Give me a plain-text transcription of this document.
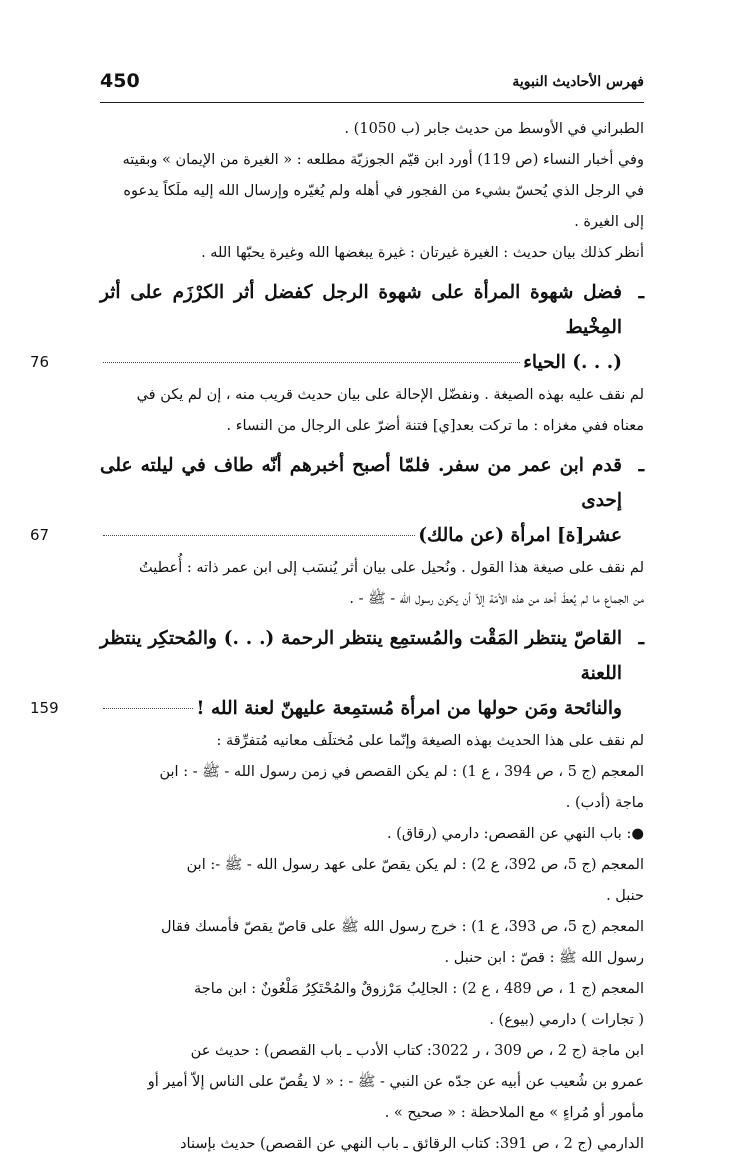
450	فهرس الأحاديث النبوية

الطبراني في الأوسط من حديث جابر (ب 1050) .

وفي أخبار النساء (ص 119) أورد ابن قيّم الجوزيّة مطلعه : « الغيرة من الإيمان » وبقيته

في الرجل الذي يُحسّ بشيء من الفجور في أهله ولم يُغيّره وإرسال الله إليه ملَكاً يدعوه

إلى الغيرة .

أنظر كذلك بيان حديث : الغيرة غيرتان : غيرة يبغضها الله وغيرة يحبّها الله .

ـ
فضل شهوة المرأة على شهوة الرجل كفضل أثر الكرْزَم على أثر المِخْيط
(. . .) الحياء
76

لم نقف عليه بهذه الصيغة . ونفضّل الإحالة على بيان حديث قريب منه ، إن لم يكن في

معناه ففي مغزاه : ما تركت بعد[ي] فتنة أضرّ على الرجال من النساء .

ـ
قدم ابن عمر من سفر. فلمّا أصبح أخبرهم أنّه طاف في ليلته على إحدى
عشر[ة] امرأة (عن مالك)
67

لم نقف على صيغة هذا القول . ونُحيل على بيان أثر يُنسَب إلى ابن عمر ذاته : أُعطيتُ

من الجماع ما لم يُعطَ أحد من هذه الأمّة إلاّ أن يكون رسول الله - ﷺ - .

ـ
القاصّ ينتظر المَقْت والمُستمِع ينتظر الرحمة (. . .) والمُحتكِر ينتظر اللعنة
والنائحة ومَن حولها من امرأة مُستمِعة عليهنّ لعنة الله !
159

لم نقف على هذا الحديث بهذه الصيغة وإنّما على مُختلَف معانيه مُتفرِّقة :

المعجم (ج 5 ، ص 394 ، ع 1) : لم يكن القصص في زمن رسول الله - ﷺ - : ابن

ماجة (أدب) .

●: باب النهي عن القصص: دارمي (رقاق) .

المعجم (ج 5، ص 392، ع 2) : لم يكن يقصّ على عهد رسول الله - ﷺ -: ابن

حنبل .

المعجم (ج 5، ص 393، ع 1) : خرج رسول الله ﷺ على قاصّ يقصّ فأمسك فقال

رسول الله ﷺ : قصّ : ابن حنبل .

المعجم (ج 1 ، ص 489 ، ع 2) : الجالِبُ مَرْزوقٌ والمُحْتَكِرُ مَلْعُونٌ : ابن ماجة

( تجارات ) دارمي (بيوع) .

ابن ماجة (ج 2 ، ص 309 ، ر 3022: كتاب الأدب ـ باب القصص) : حديث عن

عمرو بن شُعيب عن أبيه عن جدّه عن النبي - ﷺ - : « لا يقُصّ على الناس إلاّ أمير أو

مأمور أو مُراءٍ » مع الملاحظة : « صحيح » .

الدارمي (ج 2 ، ص 391: كتاب الرقائق ـ باب النهي عن القصص) حديث بإسناد
